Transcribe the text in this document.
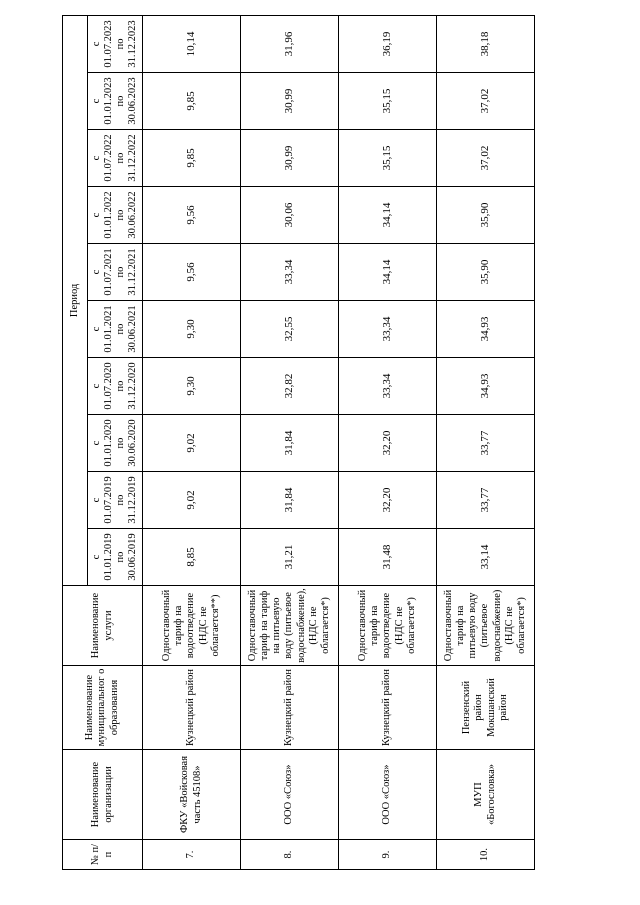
№ п/п	Наименование организации	Наименование муниципальног о образования	Наименование услуги	Период									
				с 01.01.2019 по 30.06.2019	с 01.07.2019 по 31.12.2019	с 01.01.2020 по 30.06.2020	с 01.07.2020 по 31.12.2020	с 01.01.2021 по 30.06.2021	с 01.07.2021 по 31.12.2021	с 01.01.2022 по 30.06.2022	с 01.07.2022 по 31.12.2022	с 01.01.2023 по 30.06.2023	с 01.07.2023 по 31.12.2023
7.	ФКУ «Войсковая часть 45108»	Кузнецкий район	Одноставочный тариф на водоотведение (НДС не облагается**)	8,85	9,02	9,02	9,30	9,30	9,56	9,56	9,85	9,85	10,14
8.	ООО «Союз»	Кузнецкий район	Одноставочный тариф на тариф на питьевую воду (питьевое водоснабжение), (НДС не облагается*)	31,21	31,84	31,84	32,82	32,55	33,34	30,06	30,99	30,99	31,96
9.	ООО «Союз»	Кузнецкий район	Одноставочный тариф на водоотведение (НДС не облагается*)	31,48	32,20	32,20	33,34	33,34	34,14	34,14	35,15	35,15	36,19
10.	МУП «Богословка»	Пензенский район Мокшанский район	Одноставочный тариф на питьевую воду (питьевое водоснабжение) (НДС не облагается*)	33,14	33,77	33,77	34,93	34,93	35,90	35,90	37,02	37,02	38,18
